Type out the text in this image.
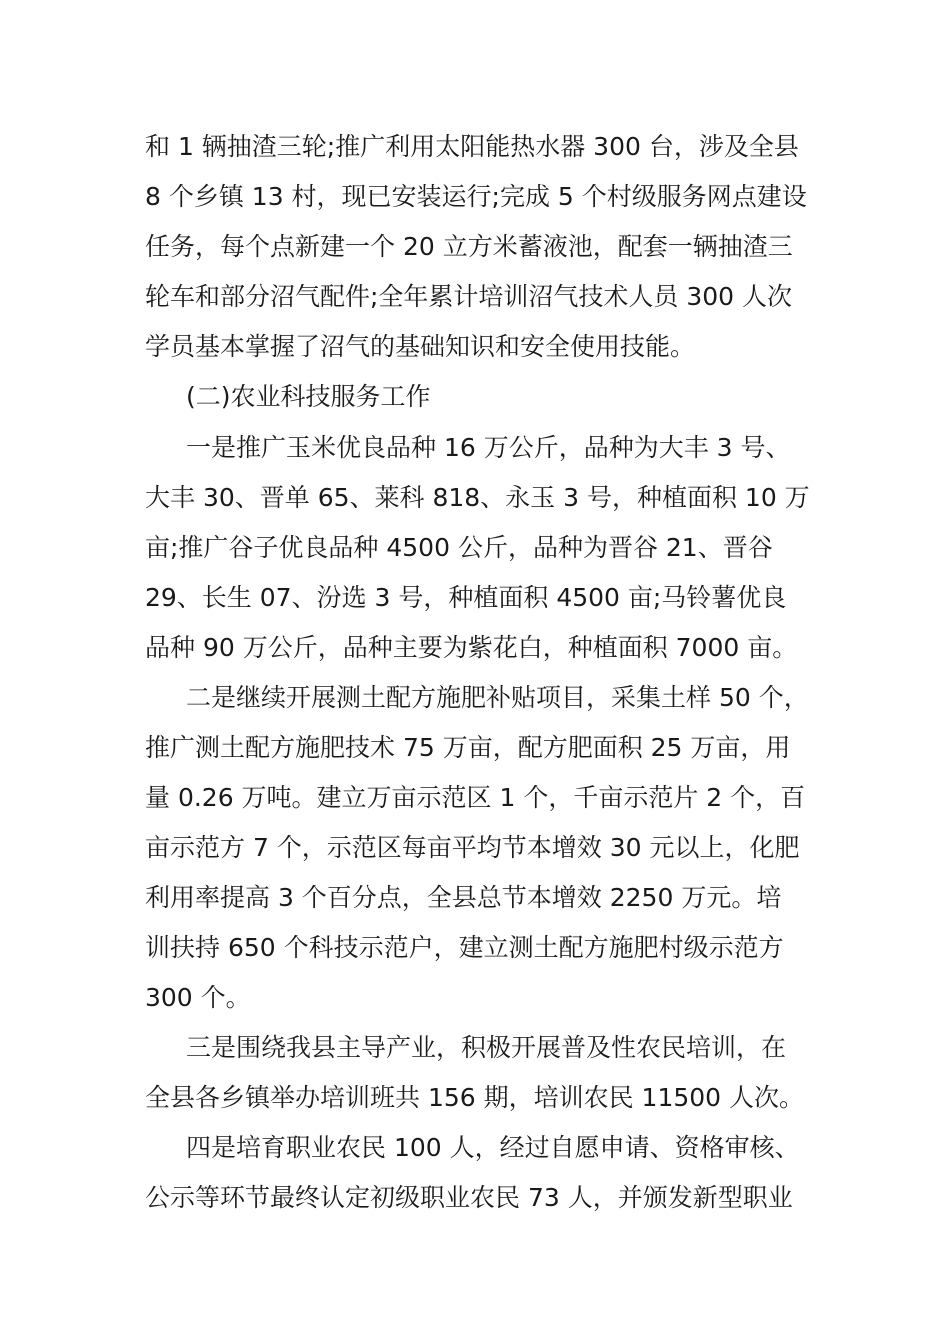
和 1 辆抽渣三轮;推广利用太阳能热水器 300 台，涉及全县
8 个乡镇 13 村，现已安装运行;完成 5 个村级服务网点建设
任务，每个点新建一个 20 立方米蓄液池，配套一辆抽渣三
轮车和部分沼气配件;全年累计培训沼气技术人员 300 人次
学员基本掌握了沼气的基础知识和安全使用技能。
(二)农业科技服务工作
一是推广玉米优良品种 16 万公斤，品种为大丰 3 号、
大丰 30、晋单 65、莱科 818、永玉 3 号，种植面积 10 万
亩;推广谷子优良品种 4500 公斤，品种为晋谷 21、晋谷
29、长生 07、汾选 3 号，种植面积 4500 亩;马铃薯优良
品种 90 万公斤，品种主要为紫花白，种植面积 7000 亩。
二是继续开展测土配方施肥补贴项目，采集土样 50 个，
推广测土配方施肥技术 75 万亩，配方肥面积 25 万亩，用
量 0.26 万吨。建立万亩示范区 1 个，千亩示范片 2 个，百
亩示范方 7 个，示范区每亩平均节本增效 30 元以上，化肥
利用率提高 3 个百分点，全县总节本增效 2250 万元。培
训扶持 650 个科技示范户，建立测土配方施肥村级示范方
300 个。
三是围绕我县主导产业，积极开展普及性农民培训，在
全县各乡镇举办培训班共 156 期，培训农民 11500 人次。
四是培育职业农民 100 人，经过自愿申请、资格审核、
公示等环节最终认定初级职业农民 73 人，并颁发新型职业
